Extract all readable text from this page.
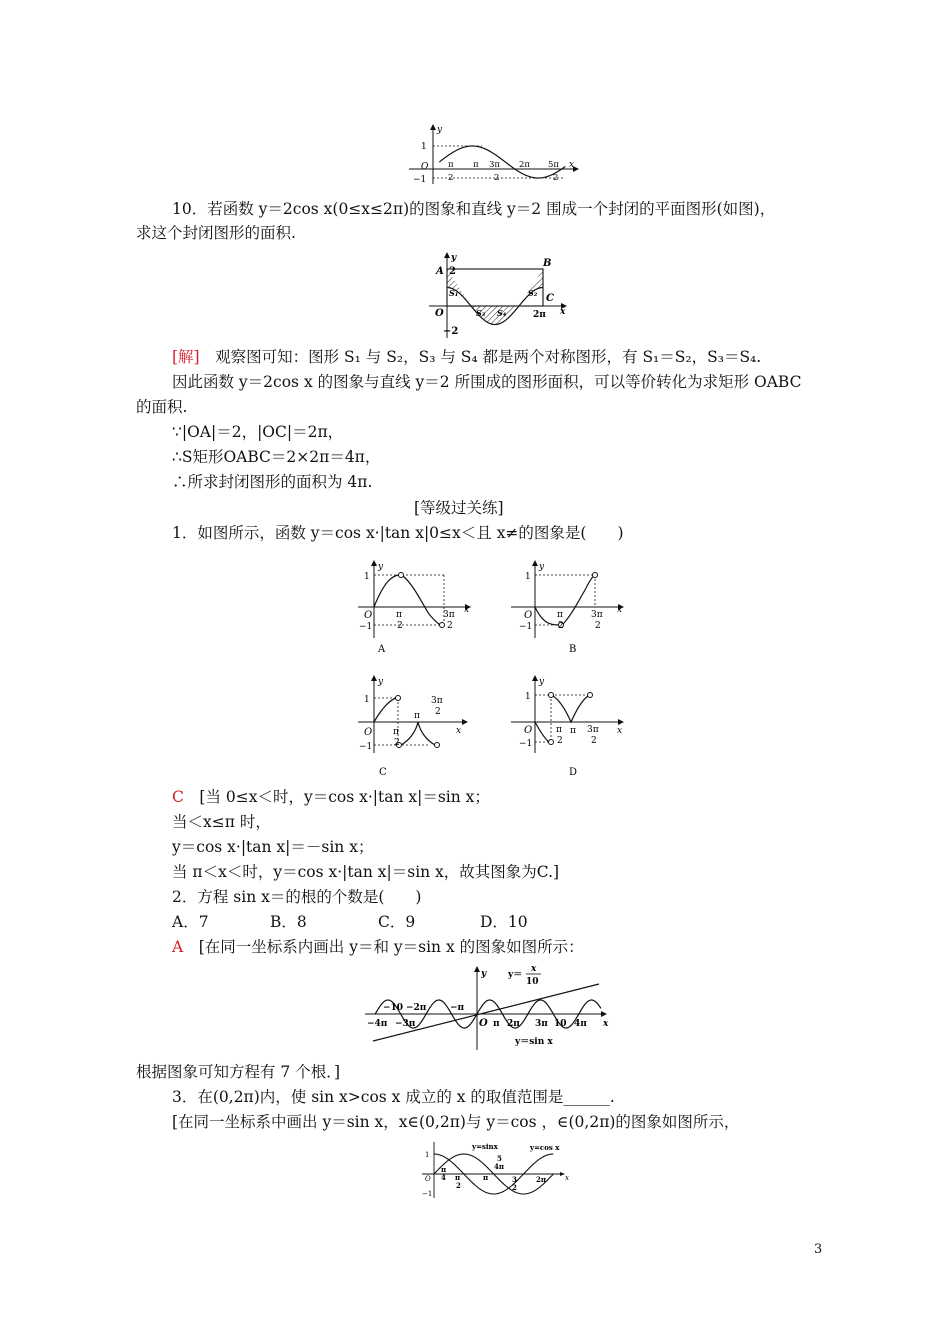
y
1
−1
O	x
π
2
π 3π
2
2π 5π
2
10．若函数 y＝2cos x(0≤x≤2π)的图象和直线 y＝2 围成一个封闭的平面图形(如图)，
求这个封闭图形的面积.
y
A 2
B
C
O
−2
2π x
S₁
S₃ S₄
S₂
[解]　 观察图可知：图形 S₁ 与 S₂，S₃ 与 S₄ 都是两个对称图形，有 S₁＝S₂，S₃＝S₄.
因此函数 y＝2cos x 的图象与直线 y＝2 所围成的图形面积，可以等价转化为求矩形 OABC
的面积.
∵|OA|＝2，|OC|＝2π，
∴S矩形OABC＝2×2π＝4π，
∴所求封闭图形的面积为 4π.
[等级过关练]
1．如图所示，函数 y＝cos x·|tan x|0≤x＜且 x≠的图象是(　　)
y
1
−1
O	π
2
3π
2
x
A
y
1
−1
O	π
2
3π
2
x
B
y
1
−1
O π
2
π
3π
2
x
C
y
1
−1
O	π
2
π 3π
2
x
D
C　 [当 0≤x＜时，y＝cos x·|tan x|＝sin x；
当＜x≤π 时，
y＝cos x·|tan x|＝－sin x；
当 π＜x＜时，y＝cos x·|tan x|＝sin x，故其图象为C.]
2．方程 sin x＝的根的个数是(　　)
A．7	B．8	C．9	D．10
A　 [在同一坐标系内画出 y＝和 y＝sin x 的图象如图所示：
y
x
O
y＝
x
10
y＝sin x
−10 −2π	−π
−4π −3π	π 2π 3π 10 4π
根据图象可知方程有 7 个根．]
3．在(0,2π)内，使 sin x>cos x 成立的 x 的取值范围是______.
[在同一坐标系中画出 y＝sin x，x∈(0,2π)与 y＝cos ，∈(0,2π)的图象如图所示，
y=sinx	y=cos x
1
−1
O	x
π
4 π
2
π
5
4π
3
2
2π
3
